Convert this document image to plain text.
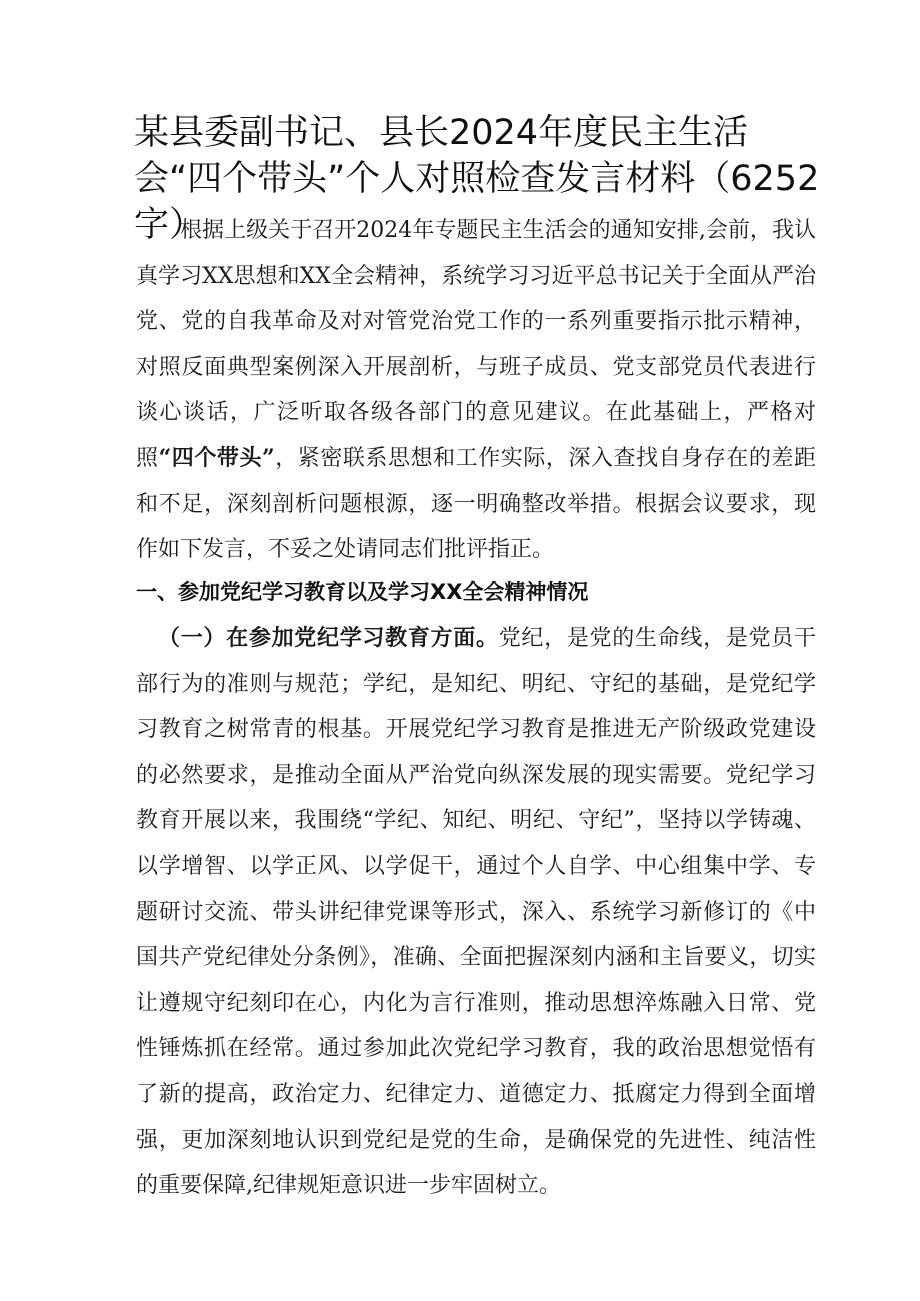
某县委副书记、县长2024年度民主生活会“四个带头”个人对照检查发言材料（6252字）

根据上级关于召开2024年专题民主生活会的通知安排,会前，我认真学习XX思想和XX全会精神，系统学习习近平总书记关于全面从严治党、党的自我革命及对对管党治党工作的一系列重要指示批示精神，对照反面典型案例深入开展剖析，与班子成员、党支部党员代表进行谈心谈话，广泛听取各级各部门的意见建议。在此基础上，严格对照“四个带头”，紧密联系思想和工作实际，深入查找自身存在的差距和不足，深刻剖析问题根源，逐一明确整改举措。根据会议要求，现作如下发言，不妥之处请同志们批评指正。

一、参加党纪学习教育以及学习XX全会精神情况

（一）在参加党纪学习教育方面。党纪，是党的生命线，是党员干部行为的准则与规范；学纪，是知纪、明纪、守纪的基础，是党纪学习教育之树常青的根基。开展党纪学习教育是推进无产阶级政党建设的必然要求，是推动全面从严治党向纵深发展的现实需要。党纪学习教育开展以来，我围绕“学纪、知纪、明纪、守纪”，坚持以学铸魂、以学增智、以学正风、以学促干，通过个人自学、中心组集中学、专题研讨交流、带头讲纪律党课等形式，深入、系统学习新修订的《中国共产党纪律处分条例》，准确、全面把握深刻内涵和主旨要义，切实让遵规守纪刻印在心，内化为言行准则，推动思想淬炼融入日常、党性锤炼抓在经常。通过参加此次党纪学习教育，我的政治思想觉悟有了新的提高，政治定力、纪律定力、道德定力、抵腐定力得到全面增强，更加深刻地认识到党纪是党的生命，是确保党的先进性、纯洁性的重要保障,纪律规矩意识进一步牢固树立。
